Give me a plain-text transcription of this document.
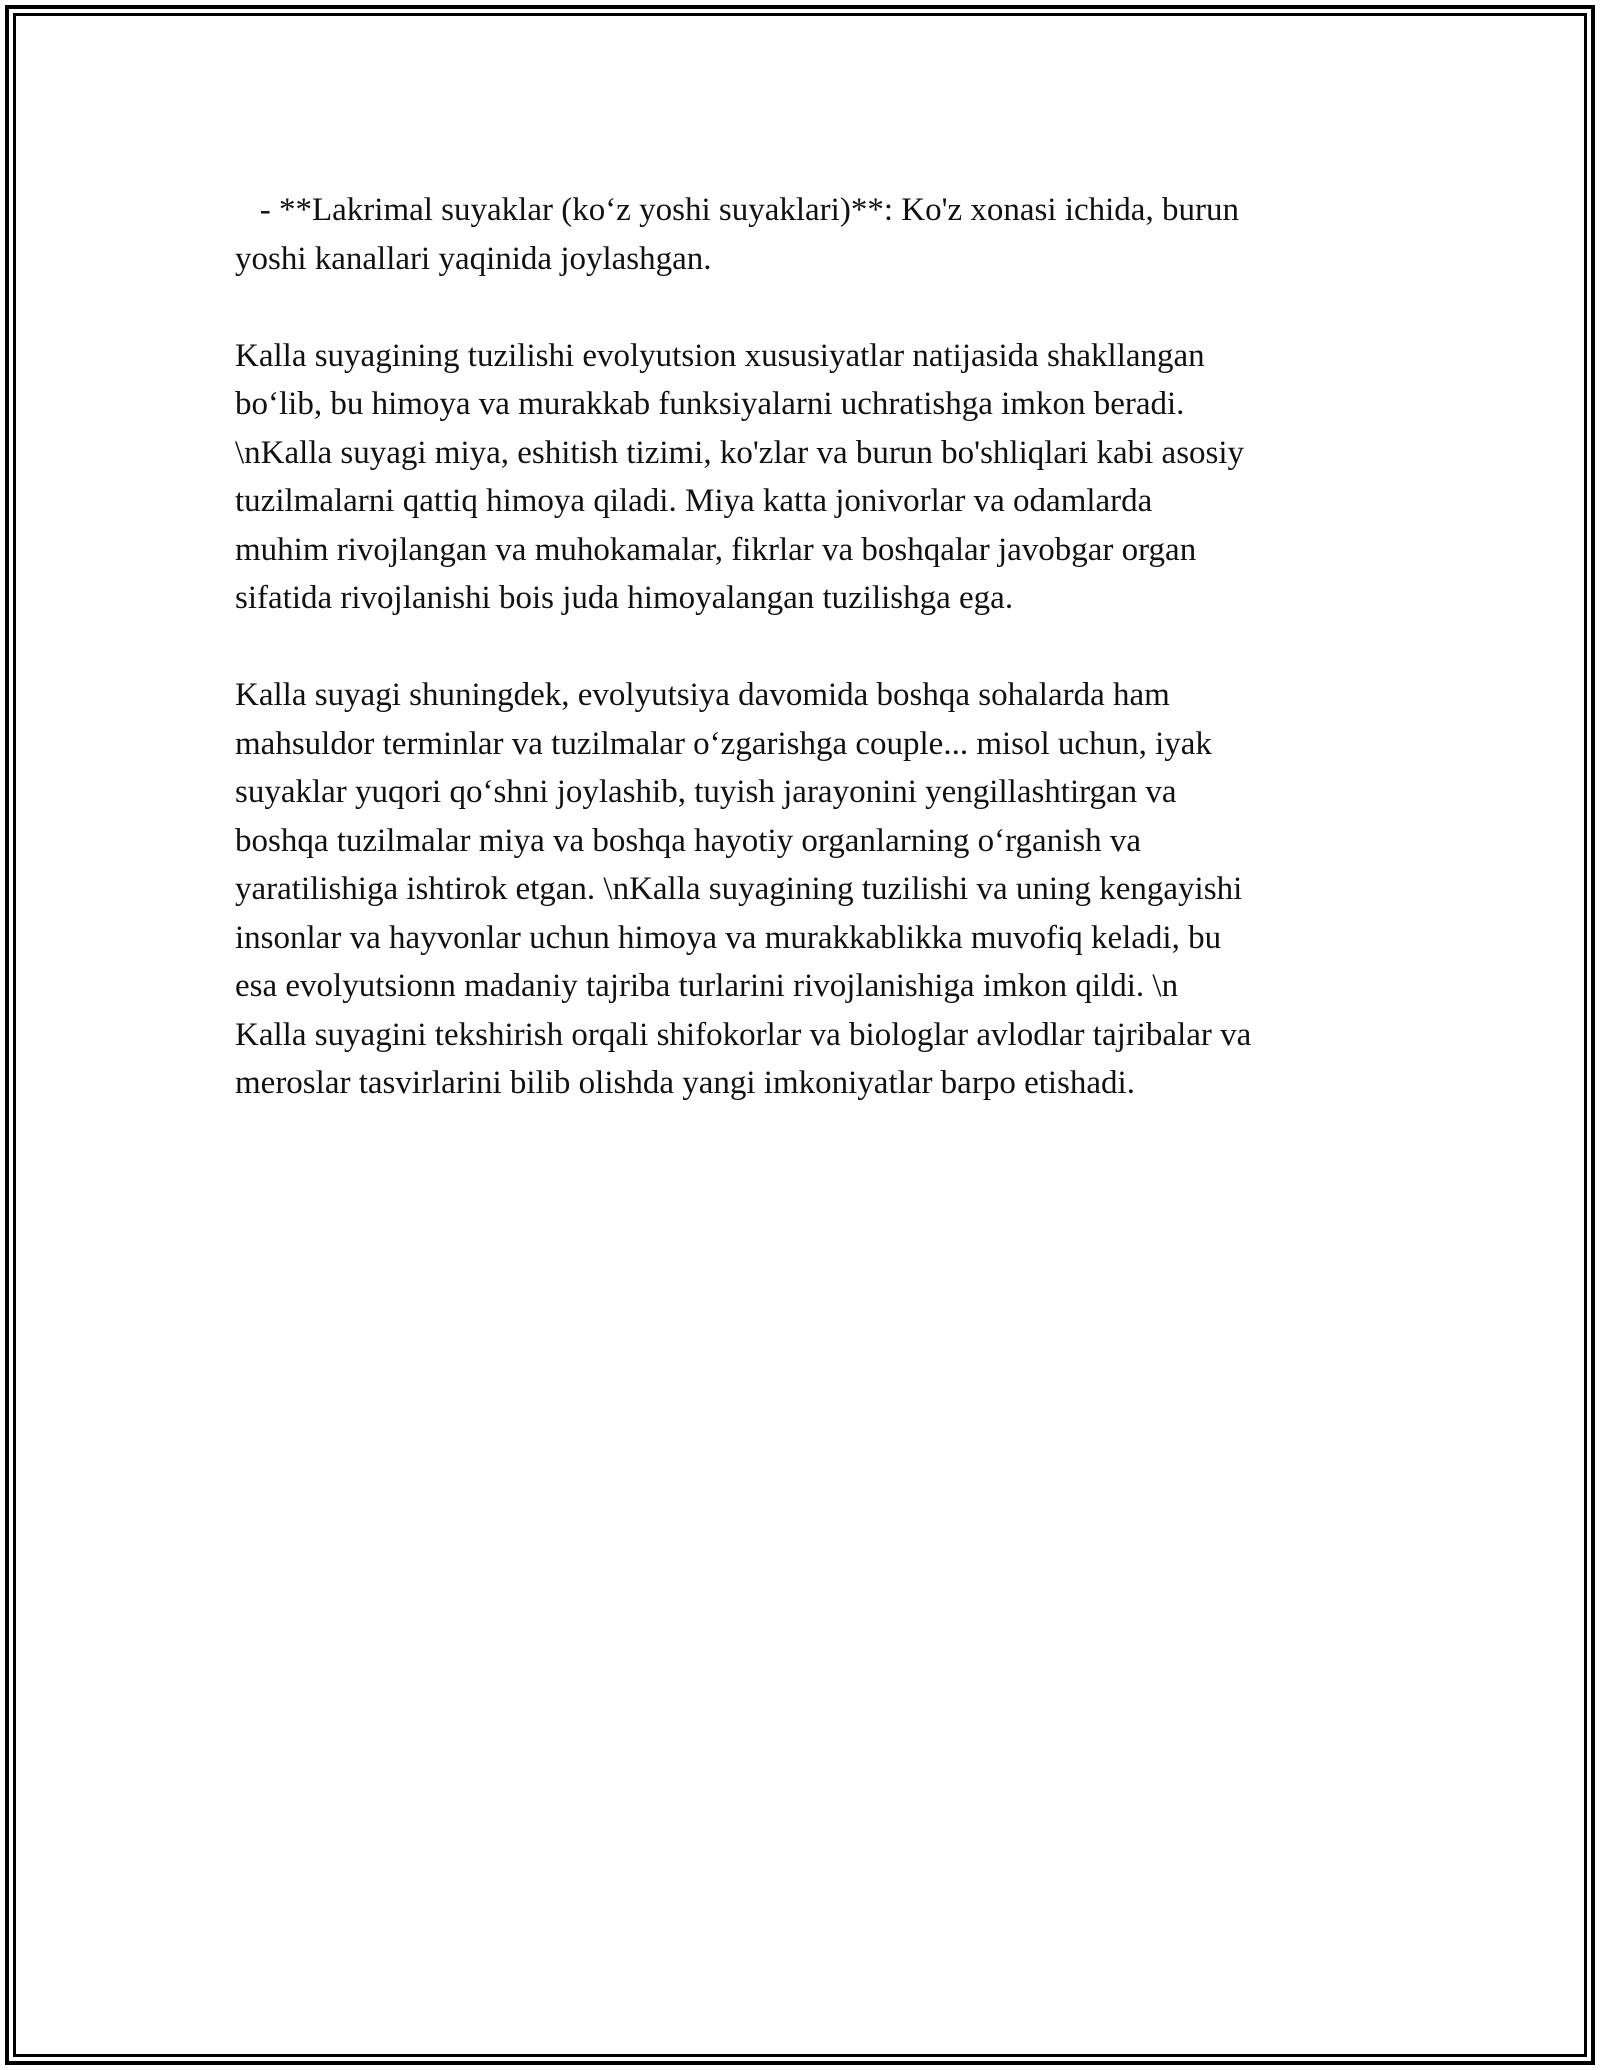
- **Lakrimal suyaklar (ko‘z yoshi suyaklari)**: Ko'z xonasi ichida, burun
yoshi kanallari yaqinida joylashgan.
Kalla suyagining tuzilishi evolyutsion xususiyatlar natijasida shakllangan
bo‘lib, bu himoya va murakkab funksiyalarni uchratishga imkon beradi.
\nKalla suyagi miya, eshitish tizimi, ko'zlar va burun bo'shliqlari kabi asosiy
tuzilmalarni qattiq himoya qiladi. Miya katta jonivorlar va odamlarda
muhim rivojlangan va muhokamalar, fikrlar va boshqalar javobgar organ
sifatida rivojlanishi bois juda himoyalangan tuzilishga ega.
Kalla suyagi shuningdek, evolyutsiya davomida boshqa sohalarda ham
mahsuldor terminlar va tuzilmalar o‘zgarishga couple... misol uchun, iyak
suyaklar yuqori qo‘shni joylashib, tuyish jarayonini yengillashtirgan va
boshqa tuzilmalar miya va boshqa hayotiy organlarning o‘rganish va
yaratilishiga ishtirok etgan. \nKalla suyagining tuzilishi va uning kengayishi
insonlar va hayvonlar uchun himoya va murakkablikka muvofiq keladi, bu
esa evolyutsionn madaniy tajriba turlarini rivojlanishiga imkon qildi. \n
Kalla suyagini tekshirish orqali shifokorlar va biologlar avlodlar tajribalar va
meroslar tasvirlarini bilib olishda yangi imkoniyatlar barpo etishadi.
